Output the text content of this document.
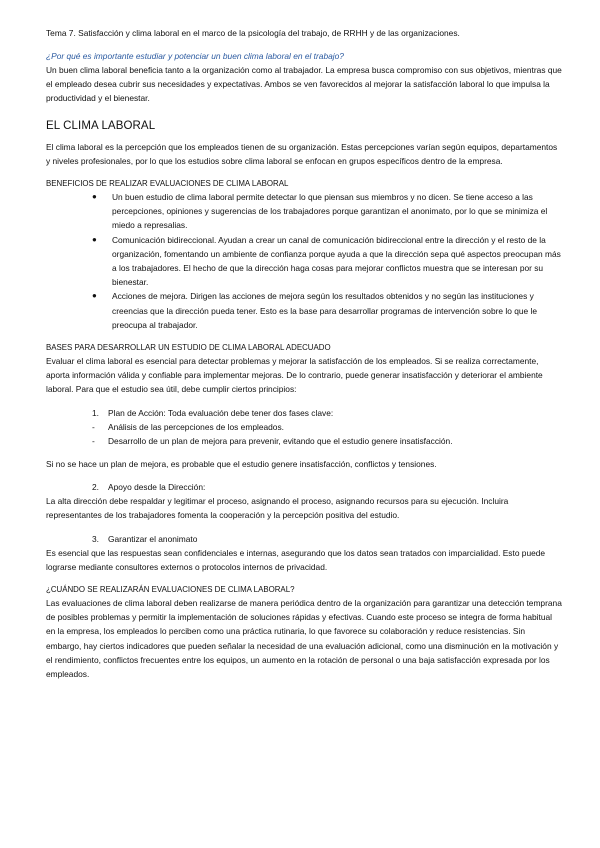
Tema 7. Satisfacción y clima laboral en el marco de la psicología del trabajo, de RRHH y de las organizaciones.

¿Por qué es importante estudiar y potenciar un buen clima laboral en el trabajo?

Un buen clima laboral beneficia tanto a la organización como al trabajador. La empresa busca compromiso con sus objetivos, mientras que el empleado desea cubrir sus necesidades y expectativas. Ambos se ven favorecidos al mejorar la satisfacción laboral lo que impulsa la productividad y el bienestar.

EL CLIMA LABORAL

El clima laboral es la percepción que los empleados tienen de su organización. Estas percepciones varían según equipos, departamentos y niveles profesionales, por lo que los estudios sobre clima laboral se enfocan en grupos específicos dentro de la empresa.

BENEFICIOS DE REALIZAR EVALUACIONES DE CLIMA LABORAL

● Un buen estudio de clima laboral permite detectar lo que piensan sus miembros y no dicen. Se tiene acceso a las percepciones, opiniones y sugerencias de los trabajadores porque garantizan el anonimato, por lo que se minimiza el miedo a represalias.
● Comunicación bidireccional. Ayudan a crear un canal de comunicación bidireccional entre la dirección y el resto de la organización, fomentando un ambiente de confianza porque ayuda a que la dirección sepa qué aspectos preocupan más a los trabajadores. El hecho de que la dirección haga cosas para mejorar conflictos muestra que se interesan por su bienestar.
● Acciones de mejora. Dirigen las acciones de mejora según los resultados obtenidos y no según las instituciones y creencias que la dirección pueda tener. Esto es la base para desarrollar programas de intervención sobre lo que le preocupa al trabajador.

BASES PARA DESARROLLAR UN ESTUDIO DE CLIMA LABORAL ADECUADO

Evaluar el clima laboral es esencial para detectar problemas y mejorar la satisfacción de los empleados. Si se realiza correctamente, aporta información válida y confiable para implementar mejoras. De lo contrario, puede generar insatisfacción y deteriorar el ambiente laboral. Para que el estudio sea útil, debe cumplir ciertos principios:

1. Plan de Acción: Toda evaluación debe tener dos fases clave:
- Análisis de las percepciones de los empleados.
- Desarrollo de un plan de mejora para prevenir, evitando que el estudio genere insatisfacción.

Si no se hace un plan de mejora, es probable que el estudio genere insatisfacción, conflictos y tensiones.

2. Apoyo desde la Dirección:

La alta dirección debe respaldar y legitimar el proceso, asignando el proceso, asignando recursos para su ejecución. Incluira representantes de los trabajadores fomenta la cooperación y la percepción positiva del estudio.

3. Garantizar el anonimato

Es esencial que las respuestas sean confidenciales e internas, asegurando que los datos sean tratados con imparcialidad. Esto puede lograrse mediante consultores externos o protocolos internos de privacidad.

¿CUÁNDO SE REALIZARÁN EVALUACIONES DE CLIMA LABORAL?

Las evaluaciones de clima laboral deben realizarse de manera periódica dentro de la organización para garantizar una detección temprana de posibles problemas y permitir la implementación de soluciones rápidas y efectivas. Cuando este proceso se integra de forma habitual en la empresa, los empleados lo perciben como una práctica rutinaria, lo que favorece su colaboración y reduce resistencias. Sin embargo, hay ciertos indicadores que pueden señalar la necesidad de una evaluación adicional, como una disminución en la motivación y el rendimiento, conflictos frecuentes entre los equipos, un aumento en la rotación de personal o una baja satisfacción expresada por los empleados.
